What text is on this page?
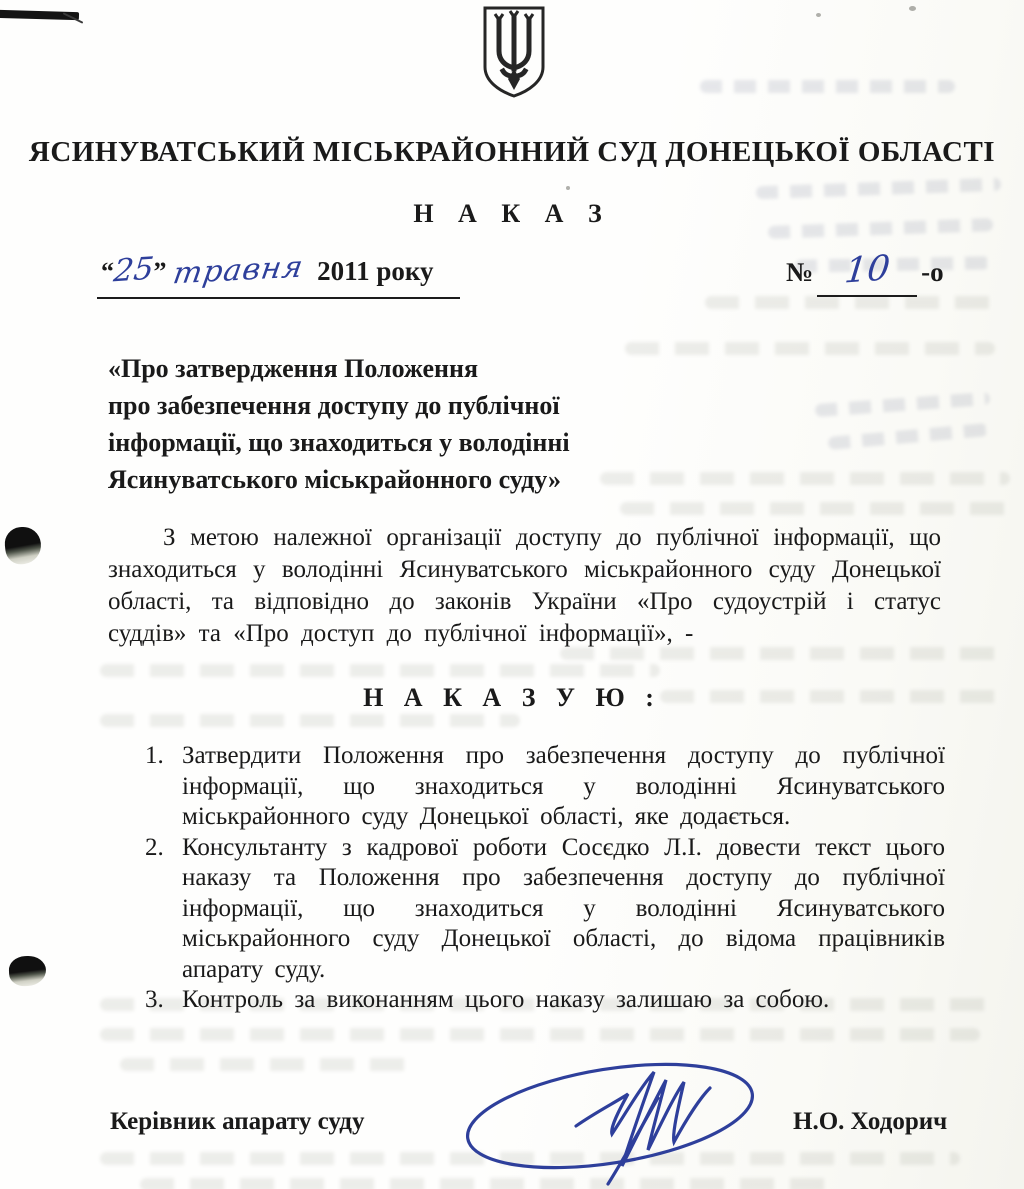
ЯСИНУВАТСЬКИЙ МІСЬКРАЙОННИЙ СУД ДОНЕЦЬКОЇ ОБЛАСТІ
Н А К А З
“25” травня 2011 року	№ 10 -о
«Про затвердження Положення
про забезпечення доступу до публічної
інформації, що знаходиться у володінні
Ясинуватського міськрайонного суду»
З метою належної організації доступу до публічної інформації, що знаходиться у володінні Ясинуватського міськрайонного суду Донецької області, та відповідно до законів України «Про судоустрій і статус суддів» та «Про доступ до публічної інформації», -
Н А К А З У Ю :
1. Затвердити Положення про забезпечення доступу до публічної інформації, що знаходиться у володінні Ясинуватського міськрайонного суду Донецької області, яке додається.
2. Консультанту з кадрової роботи Сосєдко Л.І. довести текст цього наказу та Положення про забезпечення доступу до публічної інформації, що знаходиться у володінні Ясинуватського міськрайонного суду Донецької області, до відома працівників апарату суду.
3. Контроль за виконанням цього наказу залишаю за собою.
Керівник апарату суду	Н.О. Ходорич
